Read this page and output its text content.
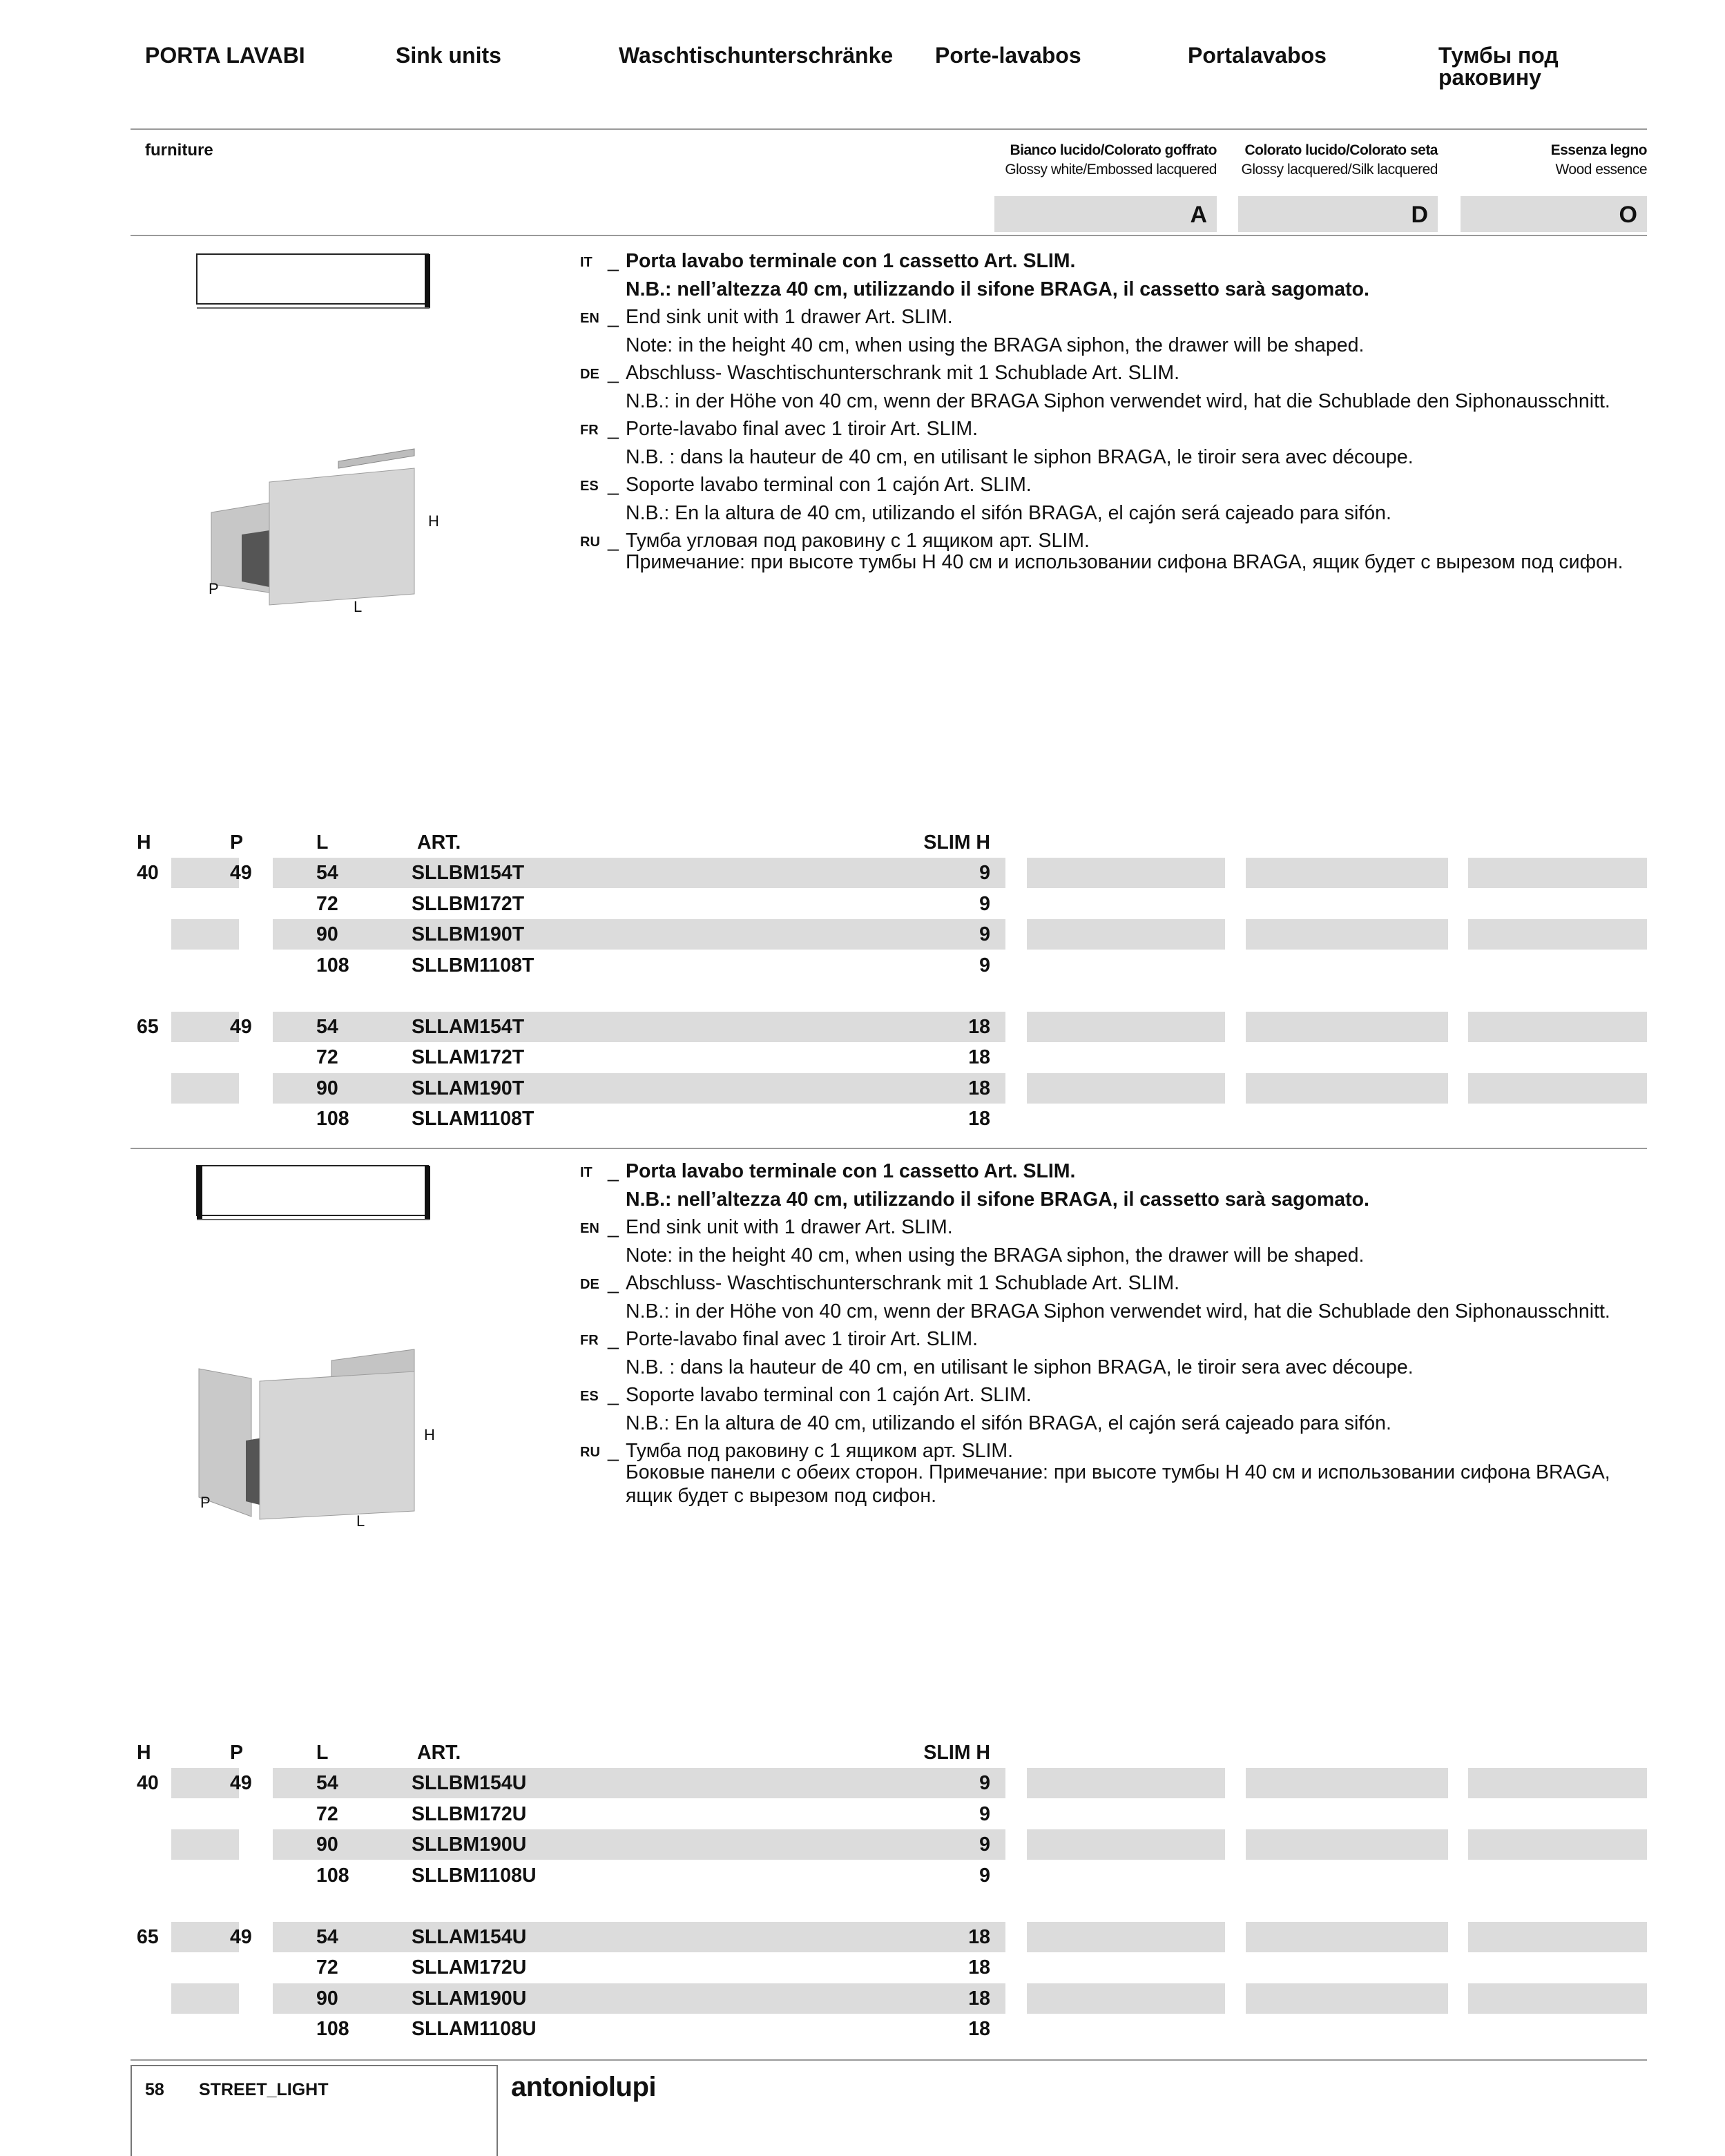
PORTA LAVABI	Sink units	Waschtischunterschränke Porte-lavabos	Portalavabos	Тумбы под раковину
furniture	Bianco lucido/Colorato goffrato
Glossy white/Embossed lacquered
A
Colorato lucido/Colorato seta
Glossy lacquered/Silk lacquered
D
Essenza legno
Wood essence
O
H
P
L
IT _ Porta lavabo terminale con 1 cassetto Art. SLIM.
N.B.: nell’altezza 40 cm, utilizzando il sifone BRAGA, il cassetto sarà sagomato.
EN _ End sink unit with 1 drawer Art. SLIM.
Note: in the height 40 cm, when using the BRAGA siphon, the drawer will be shaped.
DE _ Abschluss- Waschtischunterschrank mit 1 Schublade Art. SLIM.
N.B.: in der Höhe von 40 cm, wenn der BRAGA Siphon verwendet wird, hat die Schublade den Siphonausschnitt.
FR _ Porte-lavabo final avec 1 tiroir Art. SLIM.
N.B. : dans la hauteur de 40 cm, en utilisant le siphon BRAGA, le tiroir sera avec découpe.
ES _ Soporte lavabo terminal con 1 cajón Art. SLIM.
N.B.: En la altura de 40 cm, utilizando el sifón BRAGA, el cajón será cajeado para sifón.
RU _ Тумба угловая под раковину с 1 ящиком арт. SLIM.
Примечание: при высоте тумбы H 40 см и использовании сифона BRAGA, ящик будет с вырезом под сифон.
H	P	L	ART.	SLIM H
40	49	54	SLLBM154T	9
72	SLLBM172T	9
90	SLLBM190T	9
108	SLLBM1108T	9
65	49	54	SLLAM154T	18
72	SLLAM172T	18
90	SLLAM190T	18
108	SLLAM1108T	18
H
P
L
IT _ Porta lavabo terminale con 1 cassetto Art. SLIM.
N.B.: nell’altezza 40 cm, utilizzando il sifone BRAGA, il cassetto sarà sagomato.
EN _ End sink unit with 1 drawer Art. SLIM.
Note: in the height 40 cm, when using the BRAGA siphon, the drawer will be shaped.
DE _ Abschluss- Waschtischunterschrank mit 1 Schublade Art. SLIM.
N.B.: in der Höhe von 40 cm, wenn der BRAGA Siphon verwendet wird, hat die Schublade den Siphonausschnitt.
FR _ Porte-lavabo final avec 1 tiroir Art. SLIM.
N.B. : dans la hauteur de 40 cm, en utilisant le siphon BRAGA, le tiroir sera avec découpe.
ES _ Soporte lavabo terminal con 1 cajón Art. SLIM.
N.B.: En la altura de 40 cm, utilizando el sifón BRAGA, el cajón será cajeado para sifón.
RU _ Тумба под раковину с 1 ящиком арт. SLIM.
Боковые панели с обеих сторон. Примечание: при высоте тумбы H 40 см и использовании сифона BRAGA, ящик будет с вырезом под сифон.
H	P	L	ART.	SLIM H
40	49	54	SLLBM154U	9
72	SLLBM172U	9
90	SLLBM190U	9
108	SLLBM1108U	9
65	49	54	SLLAM154U	18
72	SLLAM172U	18
90	SLLAM190U	18
108	SLLAM1108U	18
58 STREET_LIGHT	antoniolupi
